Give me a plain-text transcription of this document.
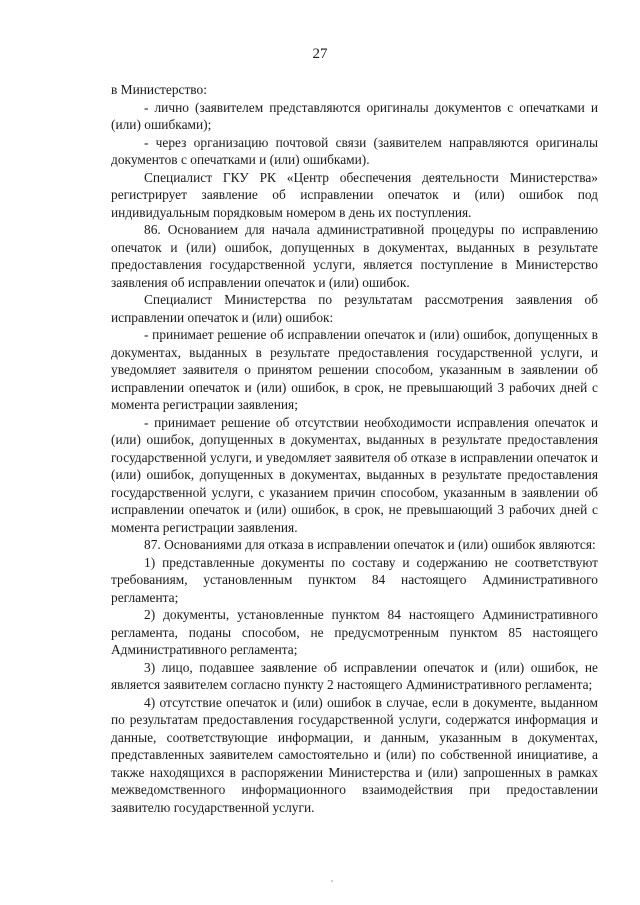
27

в Министерство:

- лично (заявителем представляются оригиналы документов с опечатками и (или) ошибками);

- через организацию почтовой связи (заявителем направляются оригиналы документов с опечатками и (или) ошибками).

Специалист ГКУ РК «Центр обеспечения деятельности Министерства» регистрирует заявление об исправлении опечаток и (или) ошибок под индивидуальным порядковым номером в день их поступления.

86. Основанием для начала административной процедуры по исправлению опечаток и (или) ошибок, допущенных в документах, выданных в результате предоставления государственной услуги, является поступление в Министерство заявления об исправлении опечаток и (или) ошибок.

Специалист Министерства по результатам рассмотрения заявления об исправлении опечаток и (или) ошибок:

- принимает решение об исправлении опечаток и (или) ошибок, допущенных в документах, выданных в результате предоставления государственной услуги, и уведомляет заявителя о принятом решении способом, указанным в заявлении об исправлении опечаток и (или) ошибок, в срок, не превышающий 3 рабочих дней с момента регистрации заявления;

- принимает решение об отсутствии необходимости исправления опечаток и (или) ошибок, допущенных в документах, выданных в результате предоставления государственной услуги, и уведомляет заявителя об отказе в исправлении опечаток и (или) ошибок, допущенных в документах, выданных в результате предоставления государственной услуги, с указанием причин способом, указанным в заявлении об исправлении опечаток и (или) ошибок, в срок, не превышающий 3 рабочих дней с момента регистрации заявления.

87. Основаниями для отказа в исправлении опечаток и (или) ошибок являются:

1) представленные документы по составу и содержанию не соответствуют требованиям, установленным пунктом 84 настоящего Административного регламента;

2) документы, установленные пунктом 84 настоящего Административного регламента, поданы способом, не предусмотренным пунктом 85 настоящего Административного регламента;

3) лицо, подавшее заявление об исправлении опечаток и (или) ошибок, не является заявителем согласно пункту 2 настоящего Административного регламента;

4) отсутствие опечаток и (или) ошибок в случае, если в документе, выданном по результатам предоставления государственной услуги, содержатся информация и данные, соответствующие информации, и данным, указанным в документах, представленных заявителем самостоятельно и (или) по собственной инициативе, а также находящихся в распоряжении Министерства и (или) запрошенных в рамках межведомственного информационного взаимодействия при предоставлении заявителю государственной услуги.
